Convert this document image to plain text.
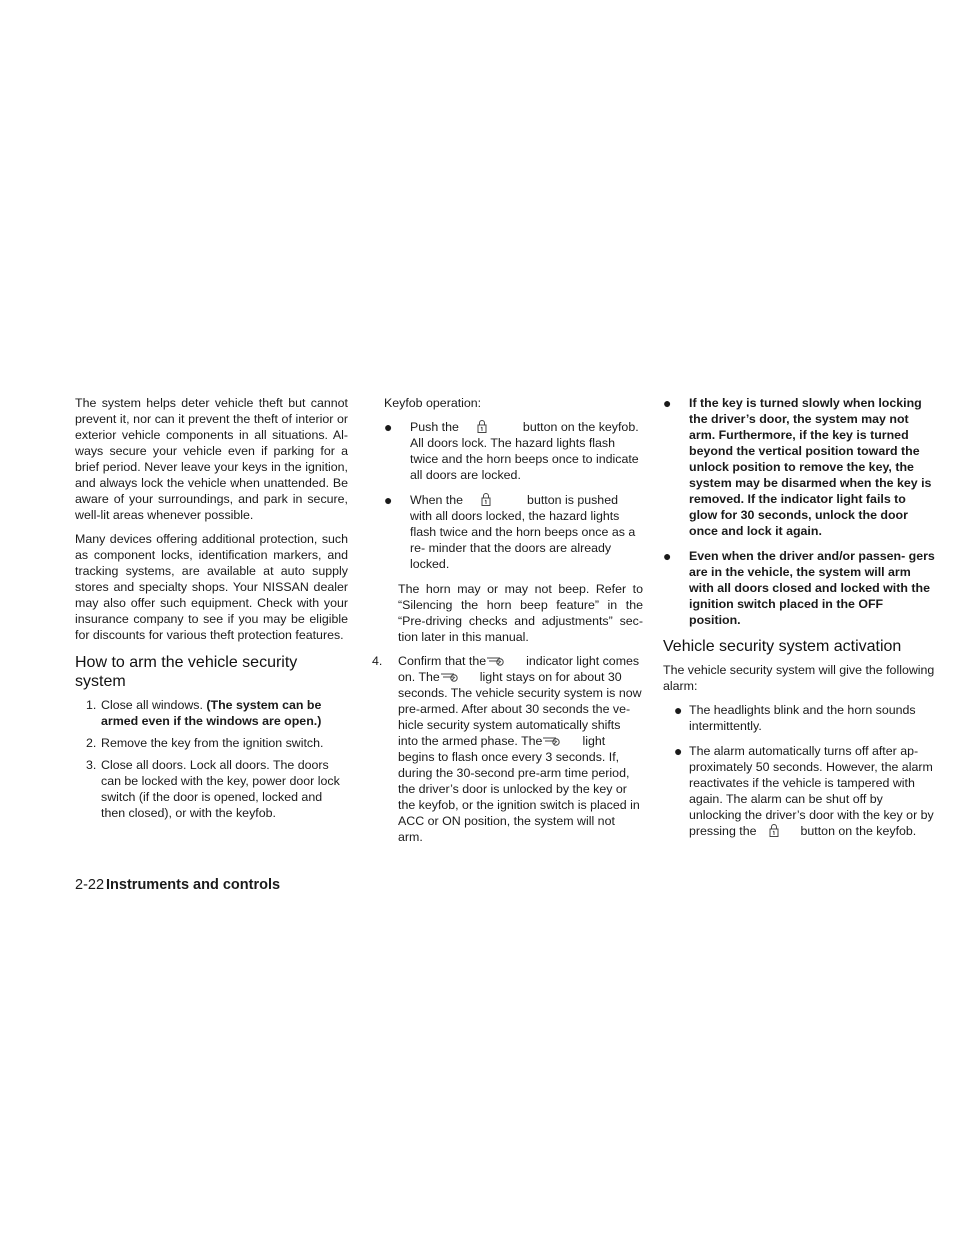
The system helps deter vehicle theft but cannot prevent it, nor can it prevent the theft of interior or exterior vehicle components in all situations. Al- ways secure your vehicle even if parking for a brief period. Never leave your keys in the ignition, and always lock the vehicle when unattended. Be aware of your surroundings, and park in secure, well-lit areas whenever possible.

Many devices offering additional protection, such as component locks, identification markers, and tracking systems, are available at auto supply stores and specialty shops. Your NISSAN dealer may also offer such equipment. Check with your insurance company to see if you may be eligible for discounts for various theft protection features.

How to arm the vehicle security system
1. Close all windows. (The system can be armed even if the windows are open.)
2. Remove the key from the ignition switch.
3. Close all doors. Lock all doors. The doors can be locked with the key, power door lock switch (if the door is opened, locked and then closed), or with the keyfob.

Keyfob operation:

● Push the	button on the keyfob. All doors lock. The hazard lights flash twice and the horn beeps once to indicate all doors are locked.
● When the	button is pushed with all doors locked, the hazard lights flash twice and the horn beeps once as a re- minder that the doors are already locked.

The horn may or may not beep. Refer to “Silencing the horn beep feature” in the “Pre-driving checks and adjustments” sec- tion later in this manual.

4. Confirm that the	indicator light comes on. The	light stays on for about 30 seconds. The vehicle security system is now pre-armed. After about 30 seconds the ve- hicle security system automatically shifts into the armed phase. The	light begins to flash once every 3 seconds. If, during the 30-second pre-arm time period, the driver’s door is unlocked by the key or the keyfob, or the ignition switch is placed in ACC or ON position, the system will not arm.
● If the key is turned slowly when locking the driver’s door, the system may not arm. Furthermore, if the key is turned beyond the vertical position toward the unlock position to remove the key, the system may be disarmed when the key is removed. If the indicator light fails to glow for 30 seconds, unlock the door once and lock it again.
● Even when the driver and/or passen- gers are in the vehicle, the system will arm with all doors closed and locked with the ignition switch placed in the OFF position.
Vehicle security system activation

The vehicle security system will give the following alarm:

● The headlights blink and the horn sounds intermittently.
● The alarm automatically turns off after ap- proximately 50 seconds. However, the alarm reactivates if the vehicle is tampered with again. The alarm can be shut off by unlocking the driver’s door with the key or by pressing the	button on the keyfob.
2-22 Instruments and controls
